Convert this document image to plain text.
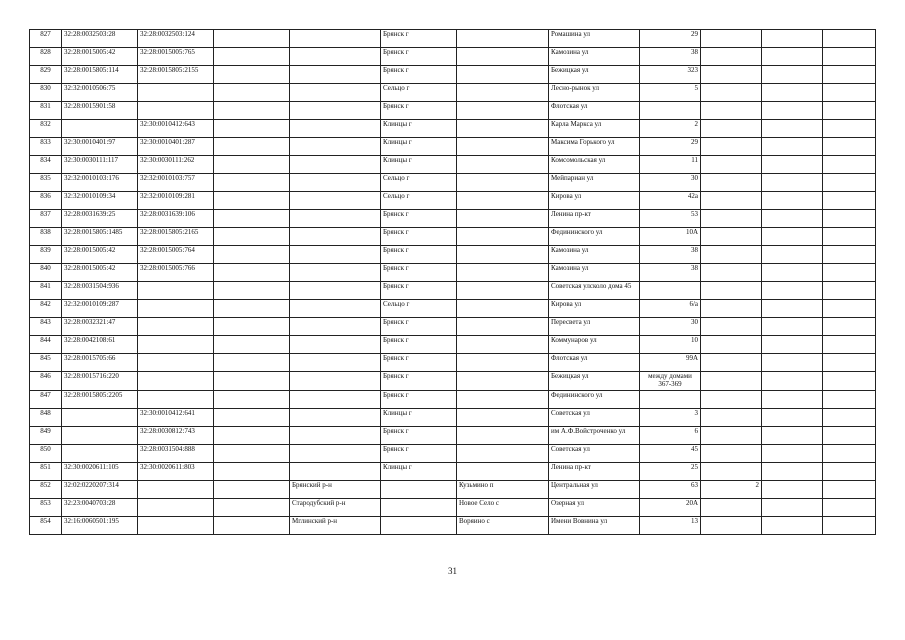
827	32:28:0032503:28	32:28:0032503:124			Брянск г		Ромашина ул	29			
828	32:28:0015005:42	32:28:0015005:765			Брянск г		Камозина ул	38			
829	32:28:0015805:114	32:28:0015805:2155			Брянск г		Бежицкая ул	323			
830	32:32:0010506:75				Сельцо г		Лесно-рынок ул	5			
831	32:28:0015901:58				Брянск г		Флотская ул				
832		32:30:0010412:643			Клинцы г		Карла Маркса ул	2			
833	32:30:0010401:97	32:30:0010401:287			Клинцы г		Максима Горького ул	29			
834	32:30:0030111:117	32:30:0030111:262			Клинцы г		Комсомольская ул	11			
835	32:32:0010103:176	32:32:0010103:757			Сельцо г		Мейпариан ул	30			
836	32:32:0010109:34	32:32:0010109:281			Сельцо г		Кирова ул	42а			
837	32:28:0031639:25	32:28:0031639:106			Брянск г		Ленина пр-кт	53			
838	32:28:0015805:1485	32:28:0015805:2165			Брянск г		Федининского ул	10А			
839	32:28:0015005:42	32:28:0015005:764			Брянск г		Камозина ул	38			
840	32:28:0015005:42	32:28:0015005:766			Брянск г		Камозина ул	38			
841	32:28:0031504:936				Брянск г		Советская улсколо дома 45				
842	32:32:0010109:287				Сельцо г		Кирова ул	6/а			
843	32:28:0032321:47				Брянск г		Пересвета ул	30			
844	32:28:0042108:61				Брянск г		Коммунаров ул	10			
845	32:28:0015705:66				Брянск г		Флотская ул	99А			
846	32:28:0015716:220				Брянск г		Бежицкая ул	между домами 367-369			
847	32:28:0015805:2205				Брянск г		Федининского ул				
848		32:30:0010412:641			Клинцы г		Советская ул	3			
849		32:28:0030812:743			Брянск г		им А.Ф.Войстроченко ул	6			
850		32:28:0031504:888			Брянск г		Советская ул	45			
851	32:30:0020611:105	32:30:0020611:803			Клинцы г		Ленина пр-кт	25			
852	32:02:0220207:314			Брянский р-н		Кузьмино п	Центральная ул	63	2		
853	32:23:0040703:28			Стародубский р-н		Новое Село с	Озерная ул	20А			
854	32:16:0060501:195			Мглинский р-н		Воряино с	Имени Вовнина ул	13			
31
